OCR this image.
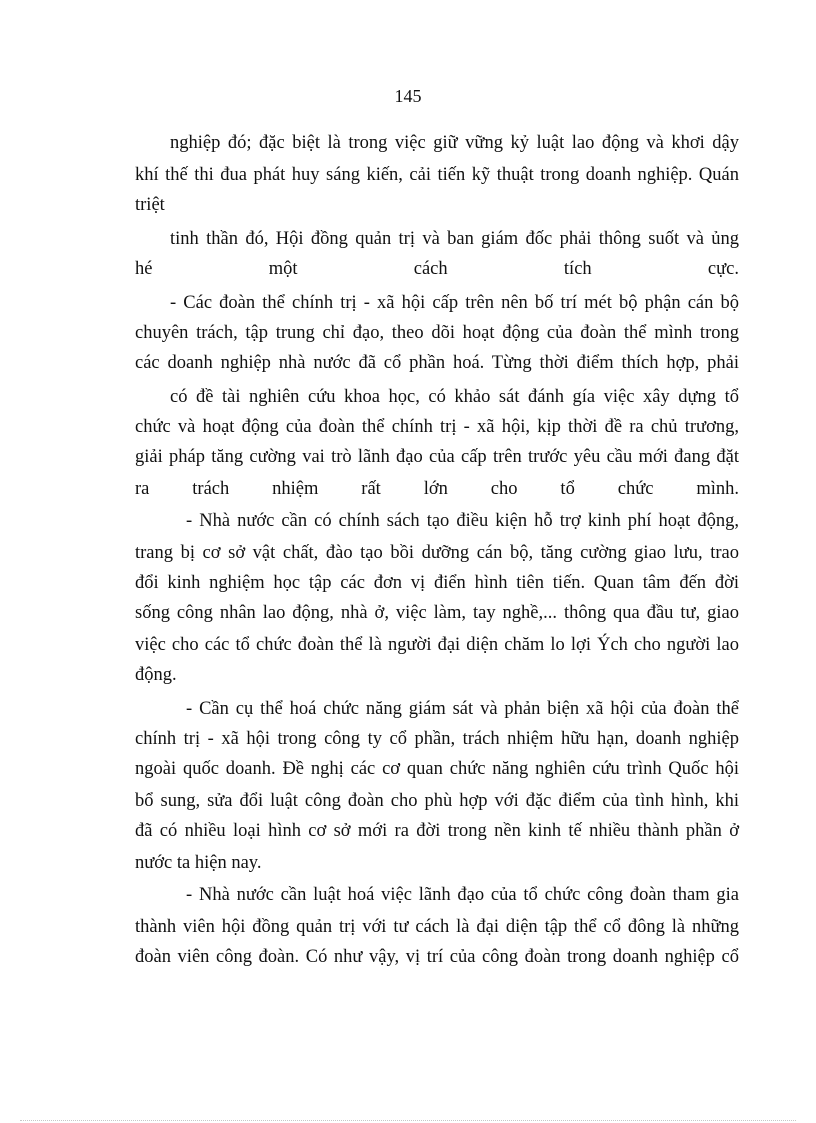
145
nghiệp đó; đặc biệt là trong việc giữ vững kỷ luật lao động và khơi dậy
khí thế thi đua phát huy sáng kiến, cải tiến kỹ thuật trong doanh nghiệp. Quán
triệt
tinh thần đó, Hội đồng quản trị và ban giám đốc phải thông suốt và ủng
hé một cách tích cực.
- Các đoàn thể chính trị - xã hội cấp trên nên bố trí mét bộ phận cán bộ
chuyên trách, tập trung chỉ đạo, theo dõi hoạt động của đoàn thể mình trong
các doanh nghiệp nhà nước đã cổ phần hoá. Từng thời điểm thích hợp, phải
có đề tài nghiên cứu khoa học, có khảo sát đánh gía việc xây dựng tổ
chức và hoạt động của đoàn thể chính trị - xã hội, kịp thời đề ra chủ trương,
giải pháp tăng cường vai trò lãnh đạo của cấp trên trước yêu cầu mới đang đặt
ra trách nhiệm rất lớn cho tổ chức mình.
- Nhà nước cần có chính sách tạo điều kiện hỗ trợ kinh phí hoạt động,
trang bị cơ sở vật chất, đào tạo bồi dưỡng cán bộ, tăng cường giao lưu, trao
đổi kinh nghiệm học tập các đơn vị điển hình tiên tiến. Quan tâm đến đời
sống công nhân lao động, nhà ở, việc làm, tay nghề,... thông qua đầu tư, giao
việc cho các tổ chức đoàn thể là người đại diện chăm lo lợi Ých cho người lao
động.
- Cần cụ thể hoá chức năng giám sát và phản biện xã hội của đoàn thể
chính trị - xã hội trong công ty cổ phần, trách nhiệm hữu hạn, doanh nghiệp
ngoài quốc doanh. Đề nghị các cơ quan chức năng nghiên cứu trình Quốc hội
bổ sung, sửa đổi luật công đoàn cho phù hợp với đặc điểm của tình hình, khi
đã có nhiều loại hình cơ sở mới ra đời trong nền kinh tế nhiều thành phần ở
nước ta hiện nay.
- Nhà nước cần luật hoá việc lãnh đạo của tổ chức công đoàn tham gia
thành viên hội đồng quản trị với tư cách là đại diện tập thể cổ đông là những
đoàn viên công đoàn. Có như vậy, vị trí của công đoàn trong doanh nghiệp cổ
